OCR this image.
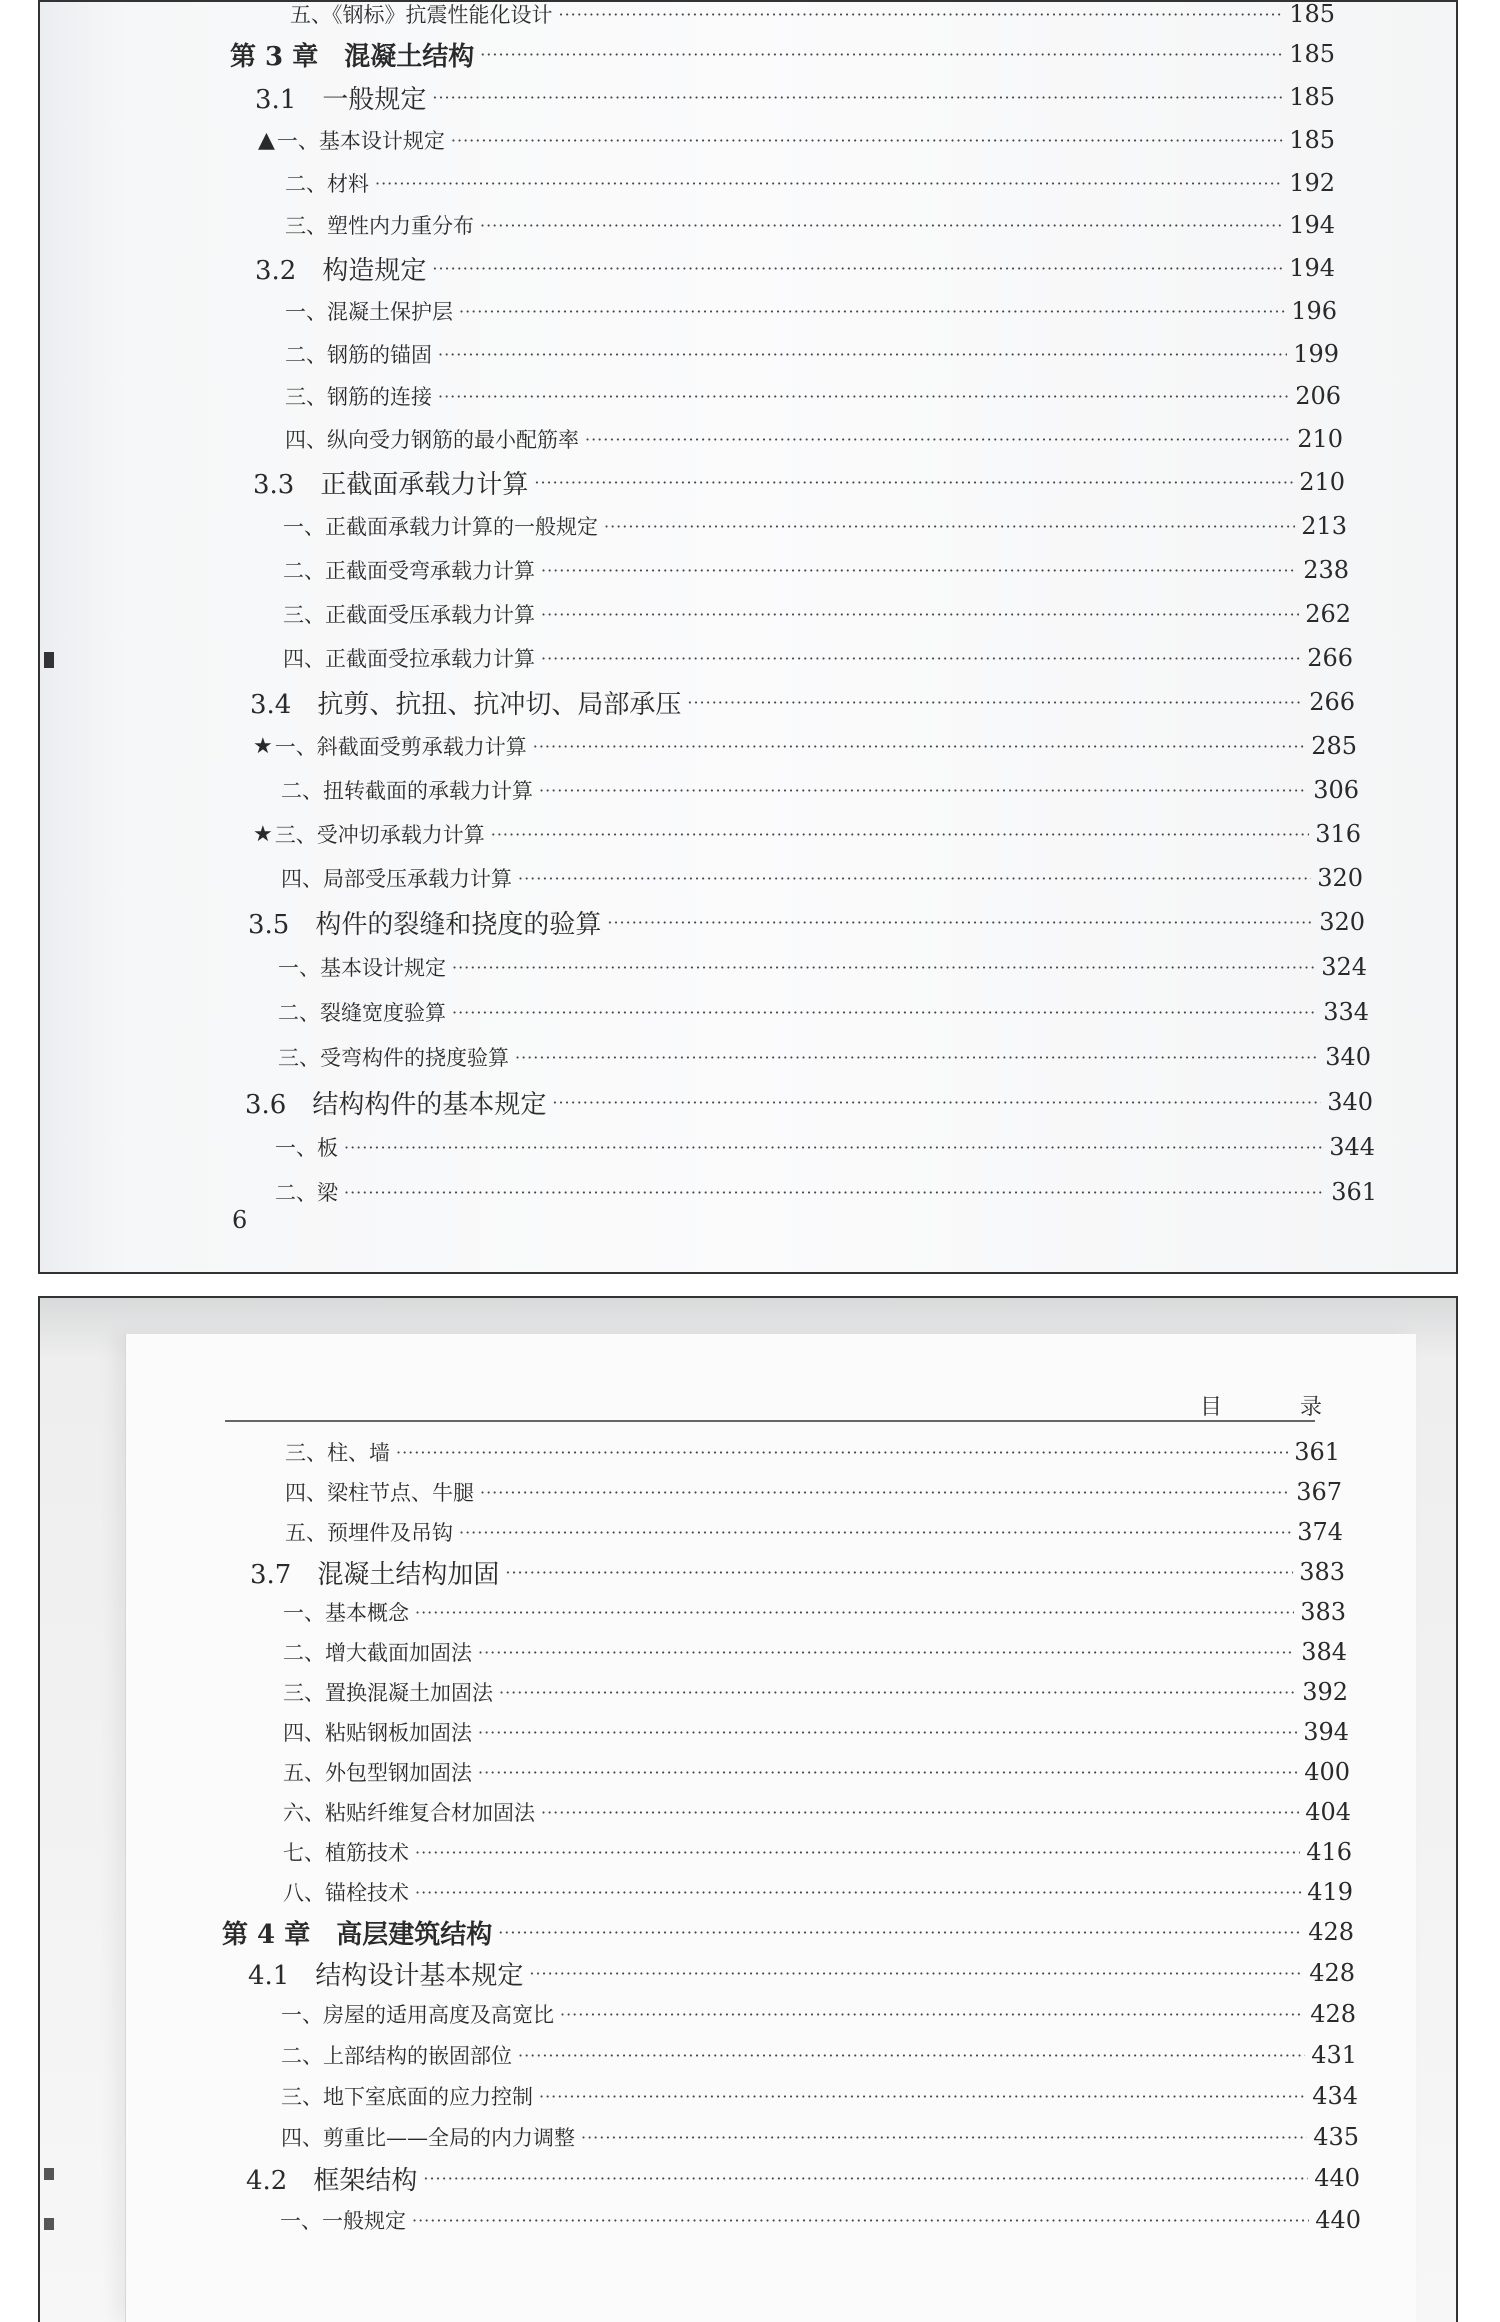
五、《钢标》抗震性能化设计 ·····	185
第 3 章　混凝土结构 ·····	185
3.1　一般规定 ·····	185
▲ 一、基本设计规定 ·····	185
二、材料 ·····	192
三、塑性内力重分布 ·····	194
3.2　构造规定 ·····	194
一、混凝土保护层 ·····	196
二、钢筋的锚固 ·····	199
三、钢筋的连接 ·····	206
四、纵向受力钢筋的最小配筋率 ·····	210
3.3　正截面承载力计算 ·····	210
一、正截面承载力计算的一般规定 ·····	213
二、正截面受弯承载力计算 ·····	238
三、正截面受压承载力计算 ·····	262
四、正截面受拉承载力计算 ·····	266
3.4　抗剪、抗扭、抗冲切、局部承压 ·····	266
★ 一、斜截面受剪承载力计算 ·····	285
二、扭转截面的承载力计算 ·····	306
★ 三、受冲切承载力计算 ·····	316
四、局部受压承载力计算 ·····	320
3.5　构件的裂缝和挠度的验算 ·····	320
一、基本设计规定 ·····	324
二、裂缝宽度验算 ·····	334
三、受弯构件的挠度验算 ·····	340
3.6　结构构件的基本规定 ·····	340
一、板 ·····	344
二、梁 ·····	361
6
目　录
三、柱、墙 ·····	361
四、梁柱节点、牛腿 ·····	367
五、预埋件及吊钩 ·····	374
3.7　混凝土结构加固 ·····	383
一、基本概念 ·····	383
二、增大截面加固法 ·····	384
三、置换混凝土加固法 ·····	392
四、粘贴钢板加固法 ·····	394
五、外包型钢加固法 ·····	400
六、粘贴纤维复合材加固法 ·····	404
七、植筋技术 ·····	416
八、锚栓技术 ·····	419
第 4 章　高层建筑结构 ·····	428
4.1　结构设计基本规定 ·····	428
一、房屋的适用高度及高宽比 ·····	428
二、上部结构的嵌固部位 ·····	431
三、地下室底面的应力控制 ·····	434
四、剪重比——全局的内力调整 ·····	435
4.2　框架结构 ·····	440
一、一般规定 ·····	440
